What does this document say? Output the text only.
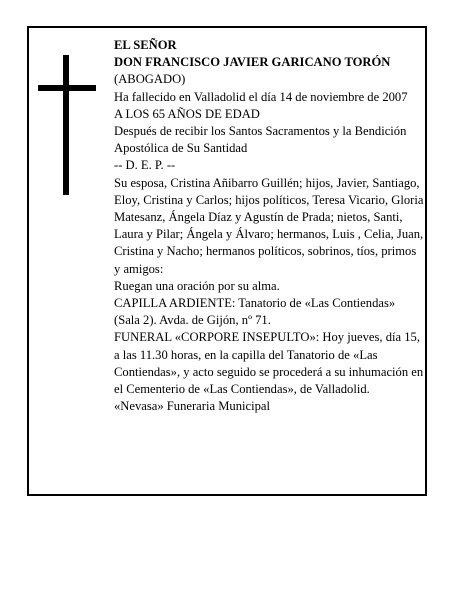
EL SEÑOR
DON FRANCISCO JAVIER GARICANO TORÓN
(ABOGADO)
Ha fallecido en Valladolid el día 14 de noviembre de 2007
A LOS 65 AÑOS DE EDAD
Después de recibir los Santos Sacramentos y la Bendición Apostólica de Su Santidad
-- D. E. P. --
Su esposa, Cristina Añibarro Guillén; hijos, Javier, Santiago, Eloy, Cristina y Carlos; hijos políticos, Teresa Vicario, Gloria Matesanz, Ángela Díaz y Agustín de Prada; nietos, Santi, Laura y Pilar; Ángela y Álvaro; hermanos, Luis , Celia, Juan, Cristina y Nacho; hermanos políticos, sobrinos, tíos, primos y amigos:
Ruegan una oración por su alma.
CAPILLA ARDIENTE: Tanatorio de «Las Contiendas» (Sala 2). Avda. de Gijón, nº 71.
FUNERAL «CORPORE INSEPULTO»: Hoy jueves, día 15, a las 11.30 horas, en la capilla del Tanatorio de «Las Contiendas», y acto seguido se procederá a su inhumación en el Cementerio de «Las Contiendas», de Valladolid.
«Nevasa» Funeraria Municipal
